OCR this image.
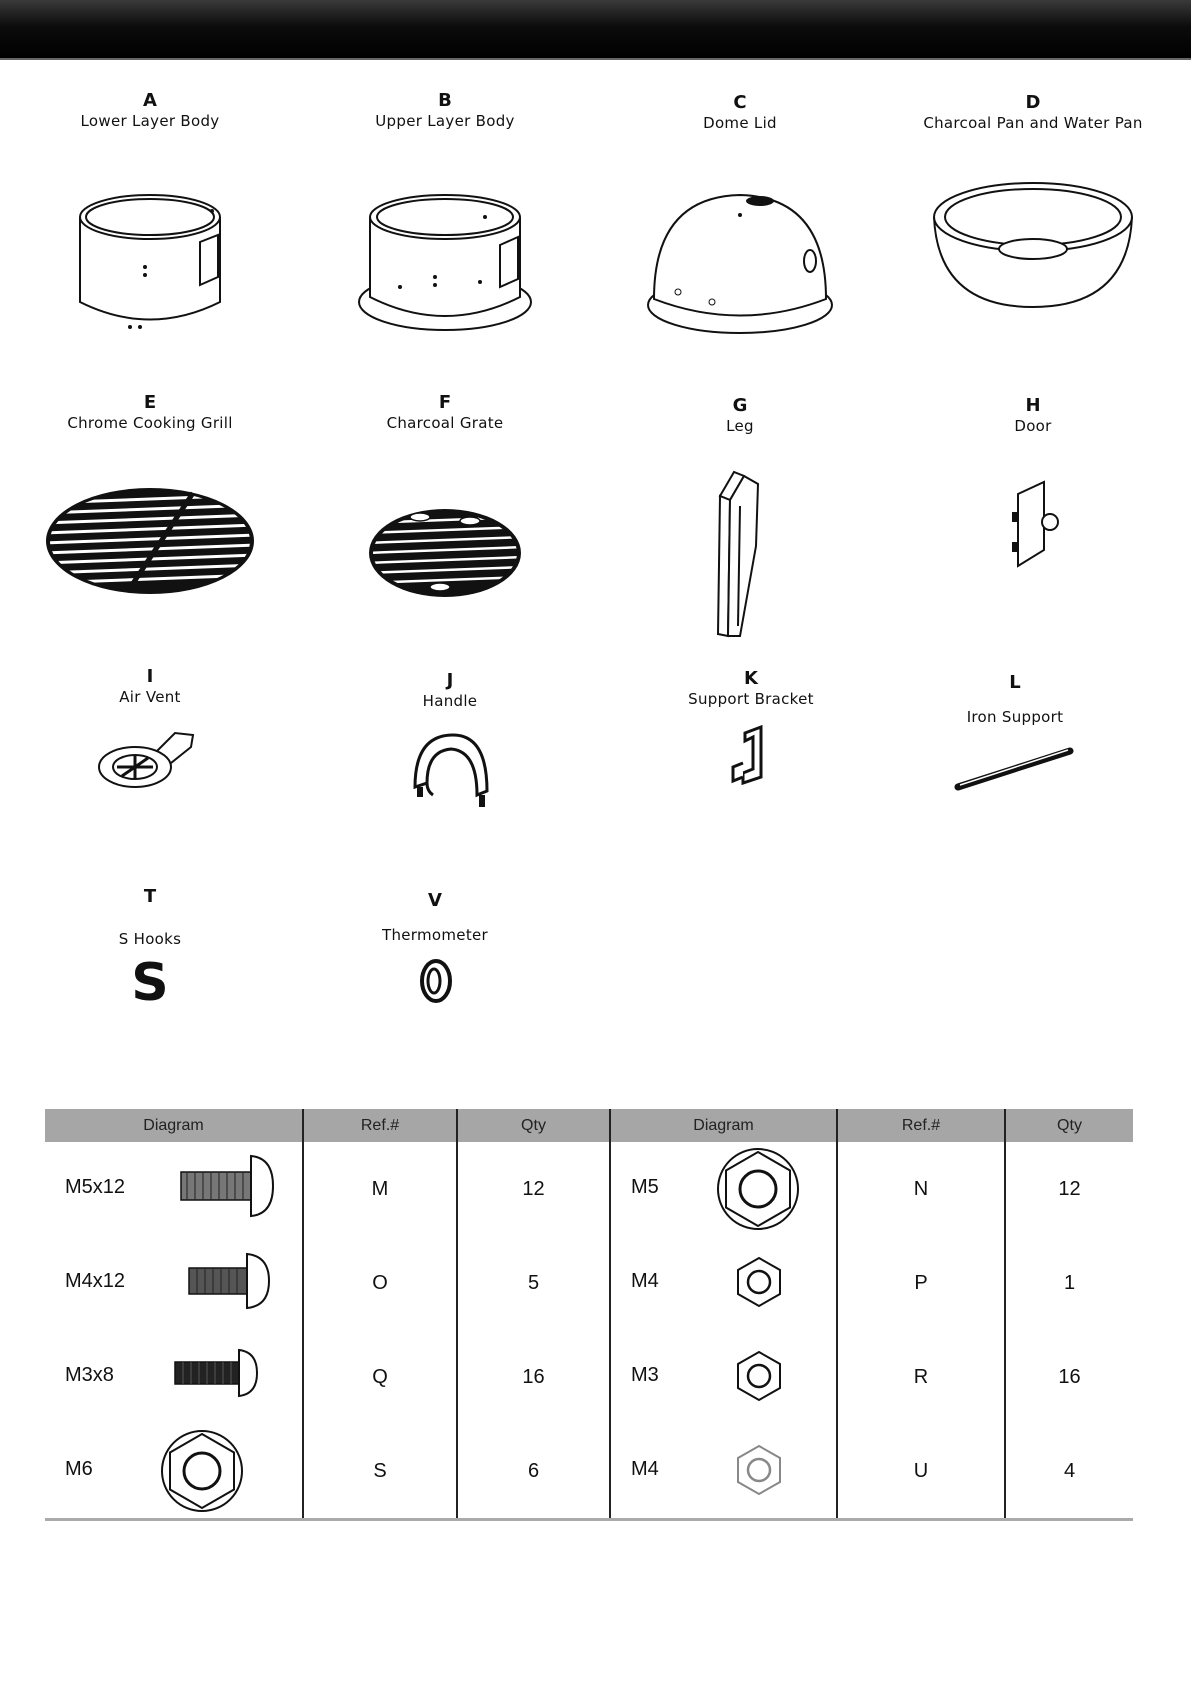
A
Lower Layer Body
B
Upper Layer Body
C
Dome Lid
D
Charcoal Pan and Water Pan
E
Chrome Cooking Grill
F
Charcoal Grate
G
Leg
H
Door
I
Air Vent
J
Handle
K
Support Bracket
L
Iron Support
T
S Hooks
S
V
Thermometer
Diagram	Ref.#	Qty	Diagram	Ref.#	Qty

M5x12	M	12	M5	N	12

M4x12	O	5	M4	P	1

M3x8	Q	16	M3	R	16

M6	S	6	M4	U	4
